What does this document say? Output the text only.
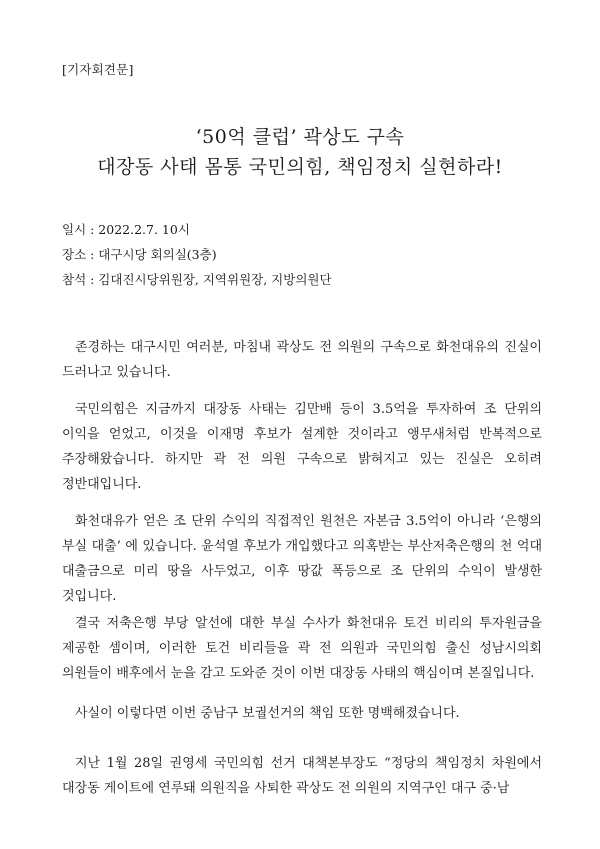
[기자회견문]
‘50억 클럽’ 곽상도 구속
대장동 사태 몸통 국민의힘, 책임정치 실현하라!
일시 : 2022.2.7. 10시
장소 : 대구시당 회의실(3층)
참석 : 김대진시당위원장, 지역위원장, 지방의원단

존경하는 대구시민 여러분, 마침내 곽상도 전 의원의 구속으로 화천대유의 진실이 드러나고 있습니다.

국민의힘은 지금까지 대장동 사태는 김만배 등이 3.5억을 투자하여 조 단위의 이익을 얻었고, 이것을 이재명 후보가 설계한 것이라고 앵무새처럼 반복적으로 주장해왔습니다. 하지만 곽 전 의원 구속으로 밝혀지고 있는 진실은 오히려 정반대입니다.

화천대유가 얻은 조 단위 수익의 직접적인 원천은 자본금 3.5억이 아니라 ‘은행의 부실 대출’ 에 있습니다. 윤석열 후보가 개입했다고 의혹받는 부산저축은행의 천 억대 대출금으로 미리 땅을 사두었고, 이후 땅값 폭등으로 조 단위의 수익이 발생한 것입니다.

결국 저축은행 부당 알선에 대한 부실 수사가 화천대유 토건 비리의 투자원금을 제공한 셈이며, 이러한 토건 비리들을 곽 전 의원과 국민의힘 출신 성남시의회 의원들이 배후에서 눈을 감고 도와준 것이 이번 대장동 사태의 핵심이며 본질입니다.

사실이 이렇다면 이번 중남구 보궐선거의 책임 또한 명백해졌습니다.

지난 1월 28일 권영세 국민의힘 선거 대책본부장도 “정당의 책임정치 차원에서 대장동 게이트에 연루돼 의원직을 사퇴한 곽상도 전 의원의 지역구인 대구 중·남
